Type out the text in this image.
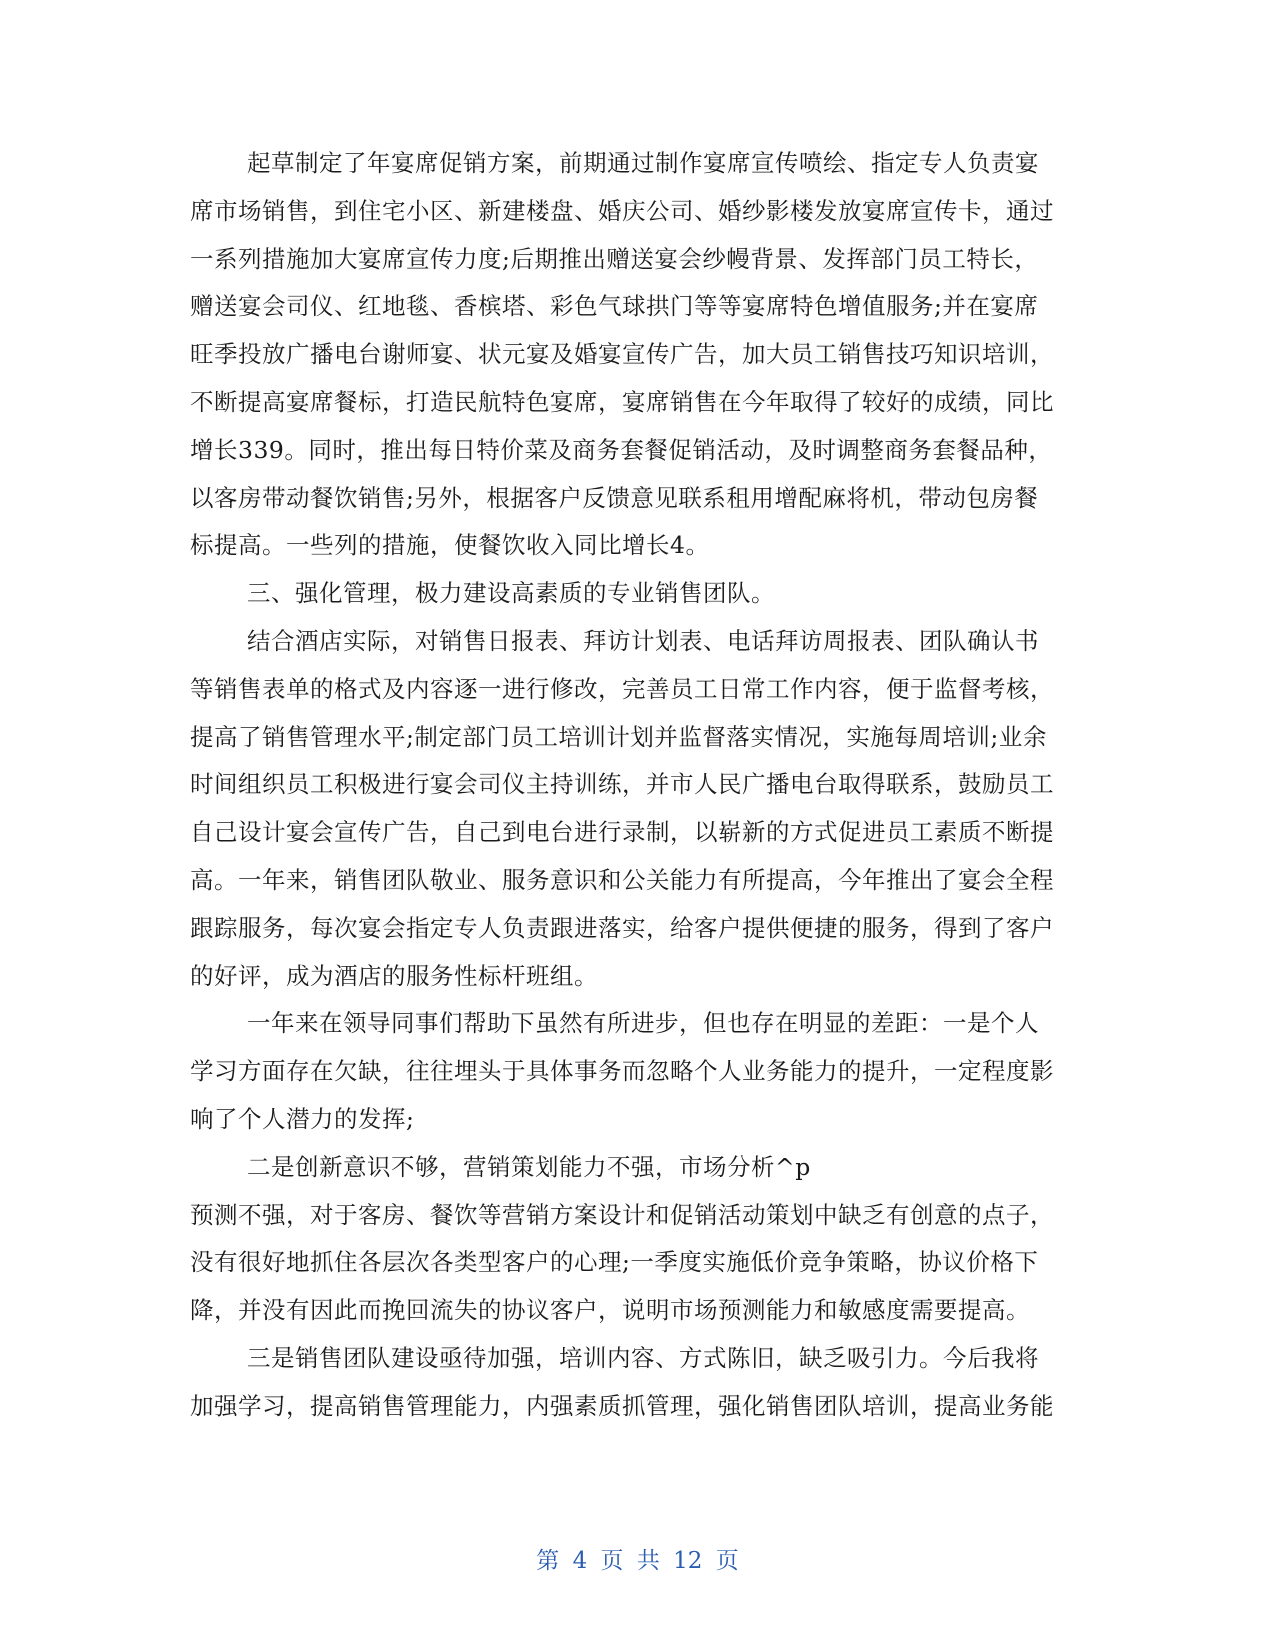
起草制定了年宴席促销方案，前期通过制作宴席宣传喷绘、指定专人负责宴
席市场销售，到住宅小区、新建楼盘、婚庆公司、婚纱影楼发放宴席宣传卡，通过
一系列措施加大宴席宣传力度;后期推出赠送宴会纱幔背景、发挥部门员工特长，
赠送宴会司仪、红地毯、香槟塔、彩色气球拱门等等宴席特色增值服务;并在宴席
旺季投放广播电台谢师宴、状元宴及婚宴宣传广告，加大员工销售技巧知识培训，
不断提高宴席餐标，打造民航特色宴席，宴席销售在今年取得了较好的成绩，同比
增长339。同时，推出每日特价菜及商务套餐促销活动，及时调整商务套餐品种，
以客房带动餐饮销售;另外，根据客户反馈意见联系租用增配麻将机，带动包房餐
标提高。一些列的措施，使餐饮收入同比增长4。
三、强化管理，极力建设高素质的专业销售团队。
结合酒店实际，对销售日报表、拜访计划表、电话拜访周报表、团队确认书
等销售表单的格式及内容逐一进行修改，完善员工日常工作内容，便于监督考核，
提高了销售管理水平;制定部门员工培训计划并监督落实情况，实施每周培训;业余
时间组织员工积极进行宴会司仪主持训练，并市人民广播电台取得联系，鼓励员工
自己设计宴会宣传广告，自己到电台进行录制，以崭新的方式促进员工素质不断提
高。一年来，销售团队敬业、服务意识和公关能力有所提高，今年推出了宴会全程
跟踪服务，每次宴会指定专人负责跟进落实，给客户提供便捷的服务，得到了客户
的好评，成为酒店的服务性标杆班组。
一年来在领导同事们帮助下虽然有所进步，但也存在明显的差距：一是个人
学习方面存在欠缺，往往埋头于具体事务而忽略个人业务能力的提升，一定程度影
响了个人潜力的发挥;
二是创新意识不够，营销策划能力不强，市场分析^p
预测不强，对于客房、餐饮等营销方案设计和促销活动策划中缺乏有创意的点子，
没有很好地抓住各层次各类型客户的心理;一季度实施低价竞争策略，协议价格下
降，并没有因此而挽回流失的协议客户，说明市场预测能力和敏感度需要提高。
三是销售团队建设亟待加强，培训内容、方式陈旧，缺乏吸引力。今后我将
加强学习，提高销售管理能力，内强素质抓管理，强化销售团队培训，提高业务能
第 4 页 共 12 页
